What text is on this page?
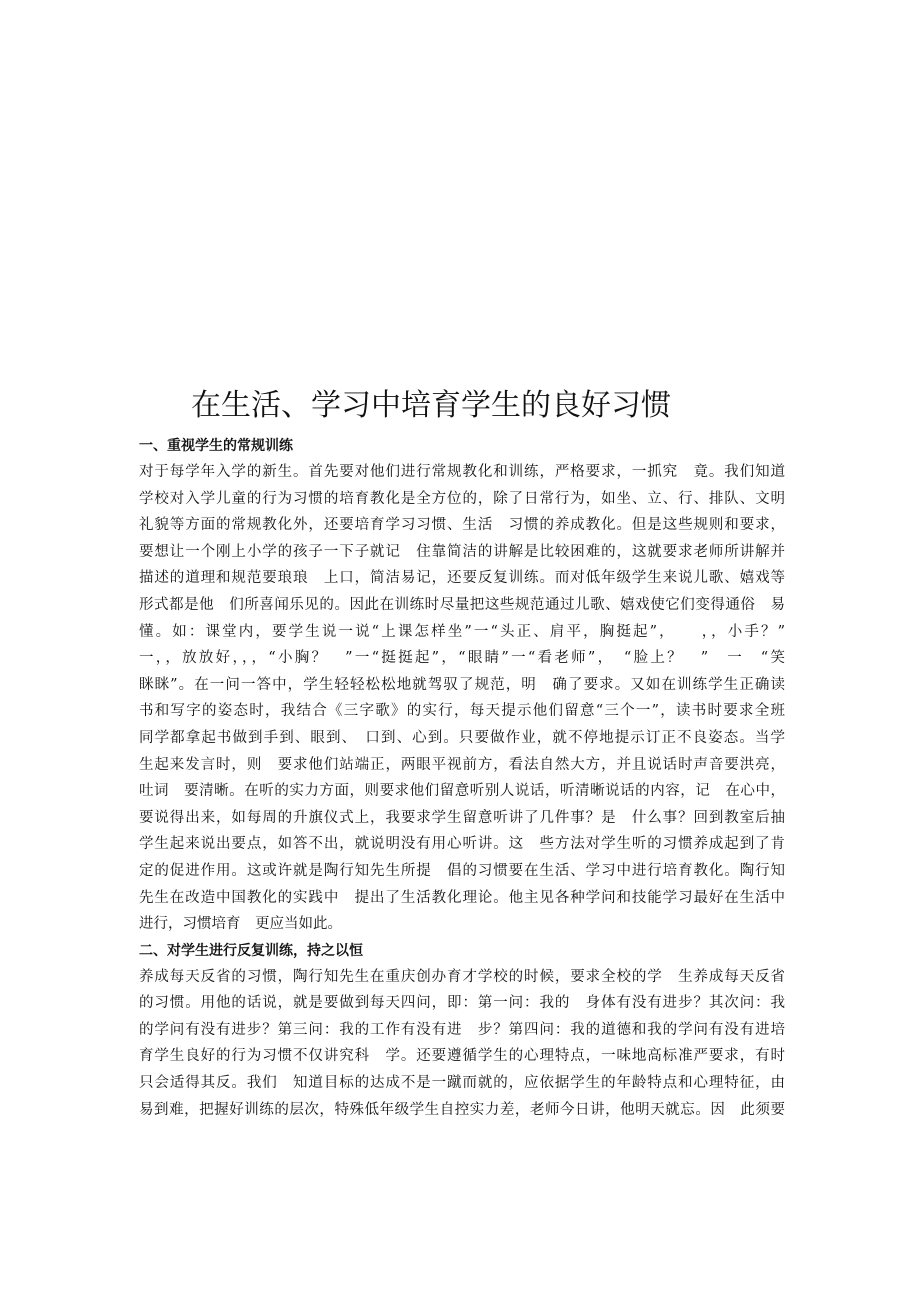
在生活、学习中培育学生的良好习惯
一、重视学生的常规训练

对于每学年入学的新生。首先要对他们进行常规教化和训练，严格要求，一抓究　竟。我们知道

学校对入学儿童的行为习惯的培育教化是全方位的，除了日常行为，如坐、立、行、排队、文明

礼貌等方面的常规教化外，还要培育学习习惯、生活　习惯的养成教化。但是这些规则和要求，

要想让一个刚上小学的孩子一下子就记　住靠简洁的讲解是比较困难的，这就要求老师所讲解并

描述的道理和规范要琅琅　上口，简洁易记，还要反复训练。而对低年级学生来说儿歌、嬉戏等

形式都是他　们所喜闻乐见的。因此在训练时尽量把这些规范通过儿歌、嬉戏使它们变得通俗　易

懂。如：课堂内，要学生说一说“上课怎样坐”一“头正、肩平，胸挺起”，　　，，小手？”

一，，放放好，，，“小胸？　”一“挺挺起”，“眼睛”一“看老师”，　“脸上？　”　一　“笑

眯眯”。在一问一答中，学生轻轻松松地就驾驭了规范，明　确了要求。又如在训练学生正确读

书和写字的姿态时，我结合《三字歌》的实行，每天提示他们留意“三个一”，读书时要求全班

同学都拿起书做到手到、眼到、　口到、心到。只要做作业，就不停地提示订正不良姿态。当学

生起来发言时，则　要求他们站端正，两眼平视前方，看法自然大方，并且说话时声音要洪亮，

吐词　要清晰。在听的实力方面，则要求他们留意听别人说话，听清晰说话的内容，记　在心中，

要说得出来，如每周的升旗仪式上，我要求学生留意听讲了几件事？是　什么事？回到教室后抽

学生起来说出要点，如答不出，就说明没有用心听讲。这　些方法对学生听的习惯养成起到了肯

定的促进作用。这或许就是陶行知先生所提　倡的习惯要在生活、学习中进行培育教化。陶行知

先生在改造中国教化的实践中　提出了生活教化理论。他主见各种学问和技能学习最好在生活中

进行，习惯培育　更应当如此。

二、对学生进行反复训练，持之以恒

养成每天反省的习惯，陶行知先生在重庆创办育才学校的时候，要求全校的学　生养成每天反省

的习惯。用他的话说，就是要做到每天四问，即：第一问：我的　身体有没有进步？其次问：我

的学问有没有进步？第三问：我的工作有没有进　步？第四问：我的道德和我的学问有没有进培

育学生良好的行为习惯不仅讲究科　学。还要遵循学生的心理特点，一味地高标准严要求，有时

只会适得其反。我们　知道目标的达成不是一蹴而就的，应依据学生的年龄特点和心理特征，由

易到难，把握好训练的层次，特殊低年级学生自控实力差，老师今日讲，他明天就忘。因　此须要
